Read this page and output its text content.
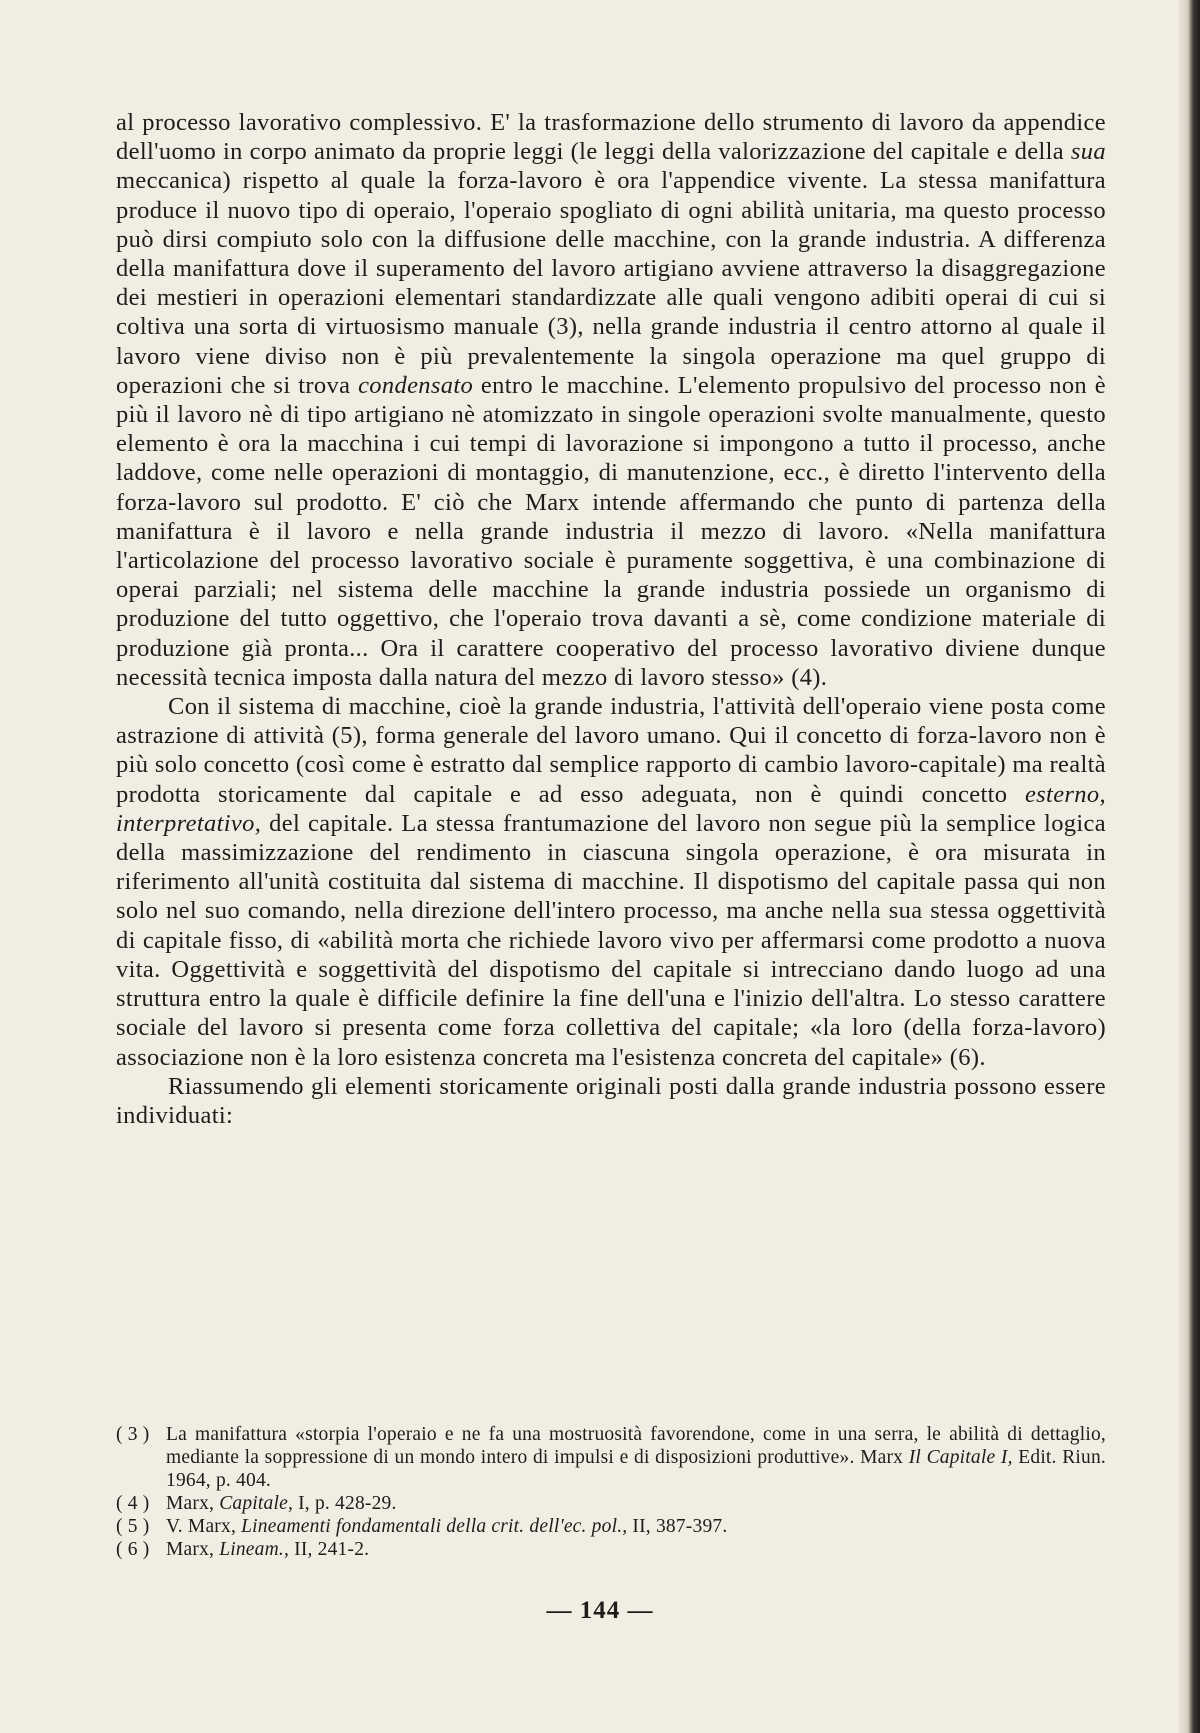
al processo lavorativo complessivo. E' la trasformazione dello strumento di lavoro da appendice dell'uomo in corpo animato da proprie leggi (le leggi della valorizzazione del capitale e della sua meccanica) rispetto al quale la forza-lavoro è ora l'appendice vivente. La stessa manifattura produce il nuovo tipo di operaio, l'operaio spogliato di ogni abilità unitaria, ma questo processo può dirsi compiuto solo con la diffusione delle macchine, con la grande industria. A differenza della manifattura dove il superamento del lavoro artigiano avviene attraverso la disaggregazione dei mestieri in operazioni elementari standardizzate alle quali vengono adibiti operai di cui si coltiva una sorta di virtuosismo manuale (3), nella grande industria il centro attorno al quale il lavoro viene diviso non è più prevalentemente la singola operazione ma quel gruppo di operazioni che si trova condensato entro le macchine. L'elemento propulsivo del processo non è più il lavoro nè di tipo artigiano nè atomizzato in singole operazioni svolte manualmente, questo elemento è ora la macchina i cui tempi di lavorazione si impongono a tutto il processo, anche laddove, come nelle operazioni di montaggio, di manutenzione, ecc., è diretto l'intervento della forza-lavoro sul prodotto. E' ciò che Marx intende affermando che punto di partenza della manifattura è il lavoro e nella grande industria il mezzo di lavoro. «Nella manifattura l'articolazione del processo lavorativo sociale è puramente soggettiva, è una combinazione di operai parziali; nel sistema delle macchine la grande industria possiede un organismo di produzione del tutto oggettivo, che l'operaio trova davanti a sè, come condizione materiale di produzione già pronta... Ora il carattere cooperativo del processo lavorativo diviene dunque necessità tecnica imposta dalla natura del mezzo di lavoro stesso» (4).

Con il sistema di macchine, cioè la grande industria, l'attività dell'operaio viene posta come astrazione di attività (5), forma generale del lavoro umano. Qui il concetto di forza-lavoro non è più solo concetto (così come è estratto dal semplice rapporto di cambio lavoro-capitale) ma realtà prodotta storicamente dal capitale e ad esso adeguata, non è quindi concetto esterno, interpretativo, del capitale. La stessa frantumazione del lavoro non segue più la semplice logica della massimizzazione del rendimento in ciascuna singola operazione, è ora misurata in riferimento all'unità costituita dal sistema di macchine. Il dispotismo del capitale passa qui non solo nel suo comando, nella direzione dell'intero processo, ma anche nella sua stessa oggettività di capitale fisso, di «abilità morta che richiede lavoro vivo per affermarsi come prodotto a nuova vita. Oggettività e soggettività del dispotismo del capitale si intrecciano dando luogo ad una struttura entro la quale è difficile definire la fine dell'una e l'inizio dell'altra. Lo stesso carattere sociale del lavoro si presenta come forza collettiva del capitale; «la loro (della forza-lavoro) associazione non è la loro esistenza concreta ma l'esistenza concreta del capitale» (6).

Riassumendo gli elementi storicamente originali posti dalla grande industria possono essere individuati:

( 3 ) La manifattura «storpia l'operaio e ne fa una mostruosità favorendone, come in una serra, le abilità di dettaglio, mediante la soppressione di un mondo intero di impulsi e di disposizioni produttive». Marx Il Capitale I, Edit. Riun. 1964, p. 404.
( 4 ) Marx, Capitale, I, p. 428-29.
( 5 ) V. Marx, Lineamenti fondamentali della crit. dell'ec. pol., II, 387-397.
( 6 ) Marx, Lineam., II, 241-2.
— 144 —
